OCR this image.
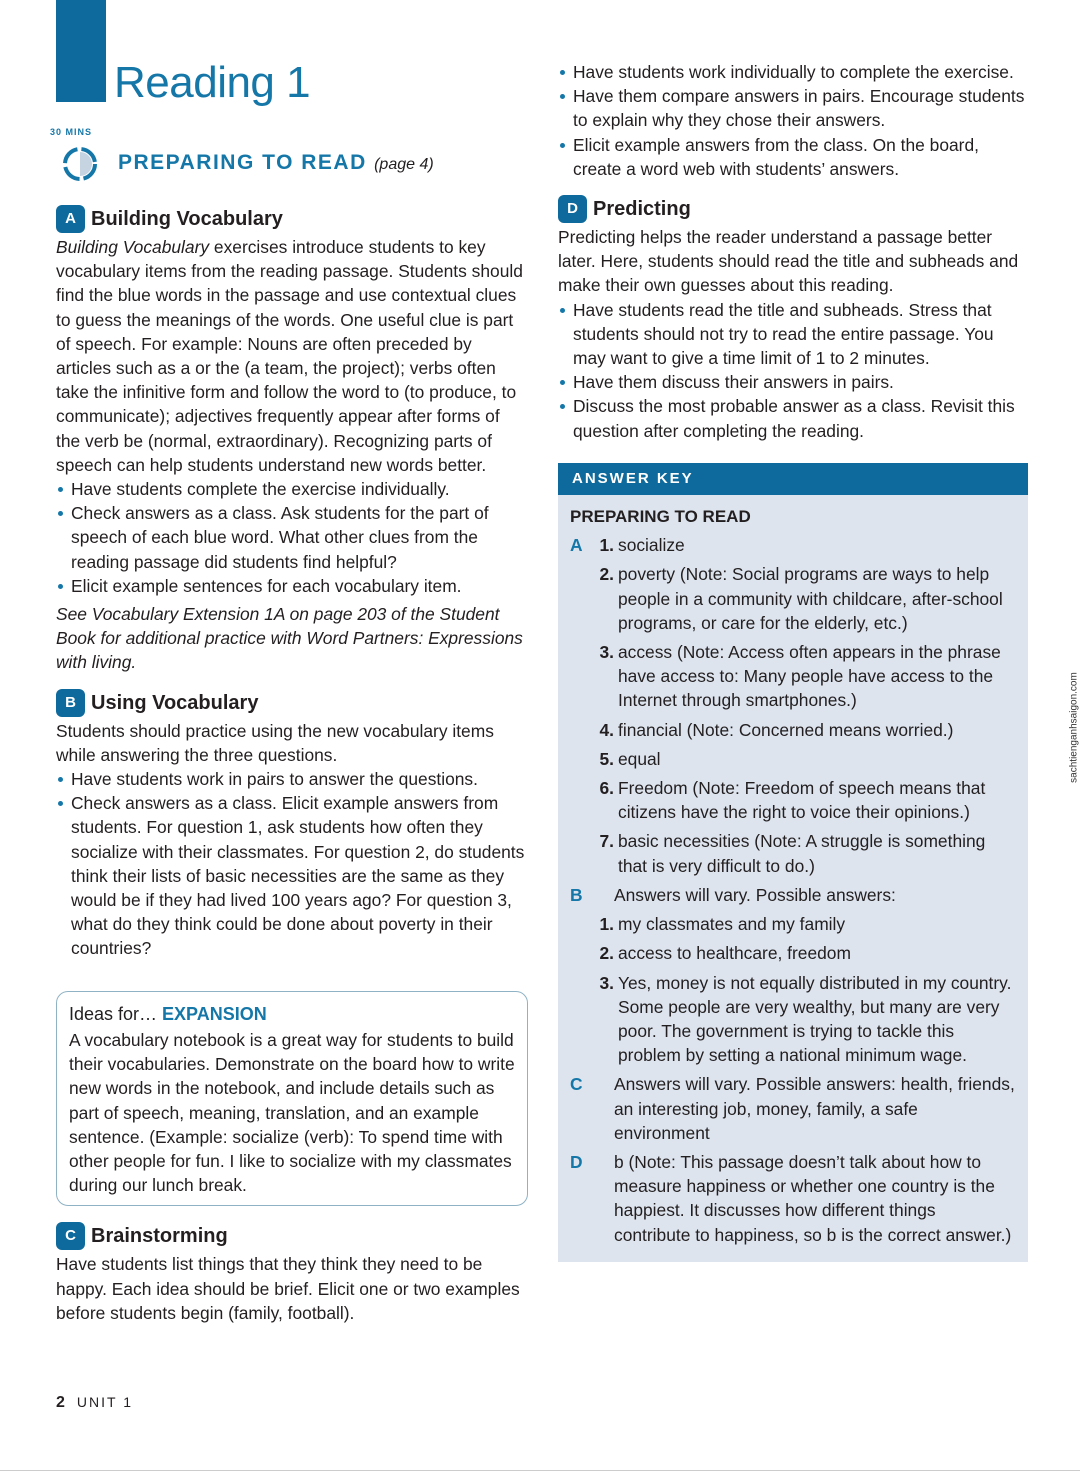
Reading 1
30 MINS
PREPARING TO READ (page 4)
A Building Vocabulary

Building Vocabulary exercises introduce students to key vocabulary items from the reading passage. Students should find the blue words in the passage and use contextual clues to guess the meanings of the words. One useful clue is part of speech. For example: Nouns are often preceded by articles such as a or the (a team, the project); verbs often take the infinitive form and follow the word to (to produce, to communicate); adjectives frequently appear after forms of the verb be (normal, extraordinary). Recognizing parts of speech can help students understand new words better.

Have students complete the exercise individually.
Check answers as a class. Ask students for the part of speech of each blue word. What other clues from the reading passage did students find helpful?
Elicit example sentences for each vocabulary item.

See Vocabulary Extension 1A on page 203 of the Student Book for additional practice with Word Partners: Expressions with living.

B Using Vocabulary

Students should practice using the new vocabulary items while answering the three questions.

Have students work in pairs to answer the questions.
Check answers as a class. Elicit example answers from students. For question 1, ask students how often they socialize with their classmates. For question 2, do students think their lists of basic necessities are the same as they would be if they had lived 100 years ago? For question 3, what do they think could be done about poverty in their countries?
Ideas for… EXPANSION

A vocabulary notebook is a great way for students to build their vocabularies. Demonstrate on the board how to write new words in the notebook, and include details such as part of speech, meaning, translation, and an example sentence. (Example: socialize (verb): To spend time with other people for fun. I like to socialize with my classmates during our lunch break.

C Brainstorming

Have students list things that they think they need to be happy. Each idea should be brief. Elicit one or two examples before students begin (family, football).

Have students work individually to complete the exercise.
Have them compare answers in pairs. Encourage students to explain why they chose their answers.
Elicit example answers from the class. On the board, create a word web with students’ answers.
D Predicting

Predicting helps the reader understand a passage better later. Here, students should read the title and subheads and make their own guesses about this reading.

Have students read the title and subheads. Stress that students should not try to read the entire passage. You may want to give a time limit of 1 to 2 minutes.
Have them discuss their answers in pairs.
Discuss the most probable answer as a class. Revisit this question after completing the reading.
ANSWER KEY
PREPARING TO READ
A 1. socialize
2. poverty (Note: Social programs are ways to help people in a community with childcare, after-school programs, or care for the elderly, etc.)
3. access (Note: Access often appears in the phrase have access to: Many people have access to the Internet through smartphones.)
4. financial (Note: Concerned means worried.)
5. equal
6. Freedom (Note: Freedom of speech means that citizens have the right to voice their opinions.)
7. basic necessities (Note: A struggle is something that is very difficult to do.)
B	Answers will vary. Possible answers:
1. my classmates and my family
2. access to healthcare, freedom
3. Yes, money is not equally distributed in my country. Some people are very wealthy, but many are very poor. The government is trying to tackle this problem by setting a national minimum wage.
C	Answers will vary. Possible answers: health, friends, an interesting job, money, family, a safe environment
D	b (Note: This passage doesn’t talk about how to measure happiness or whether one country is the happiest. It discusses how different things contribute to happiness, so b is the correct answer.)
2 UNIT 1
sachtienganhsaigon.com
